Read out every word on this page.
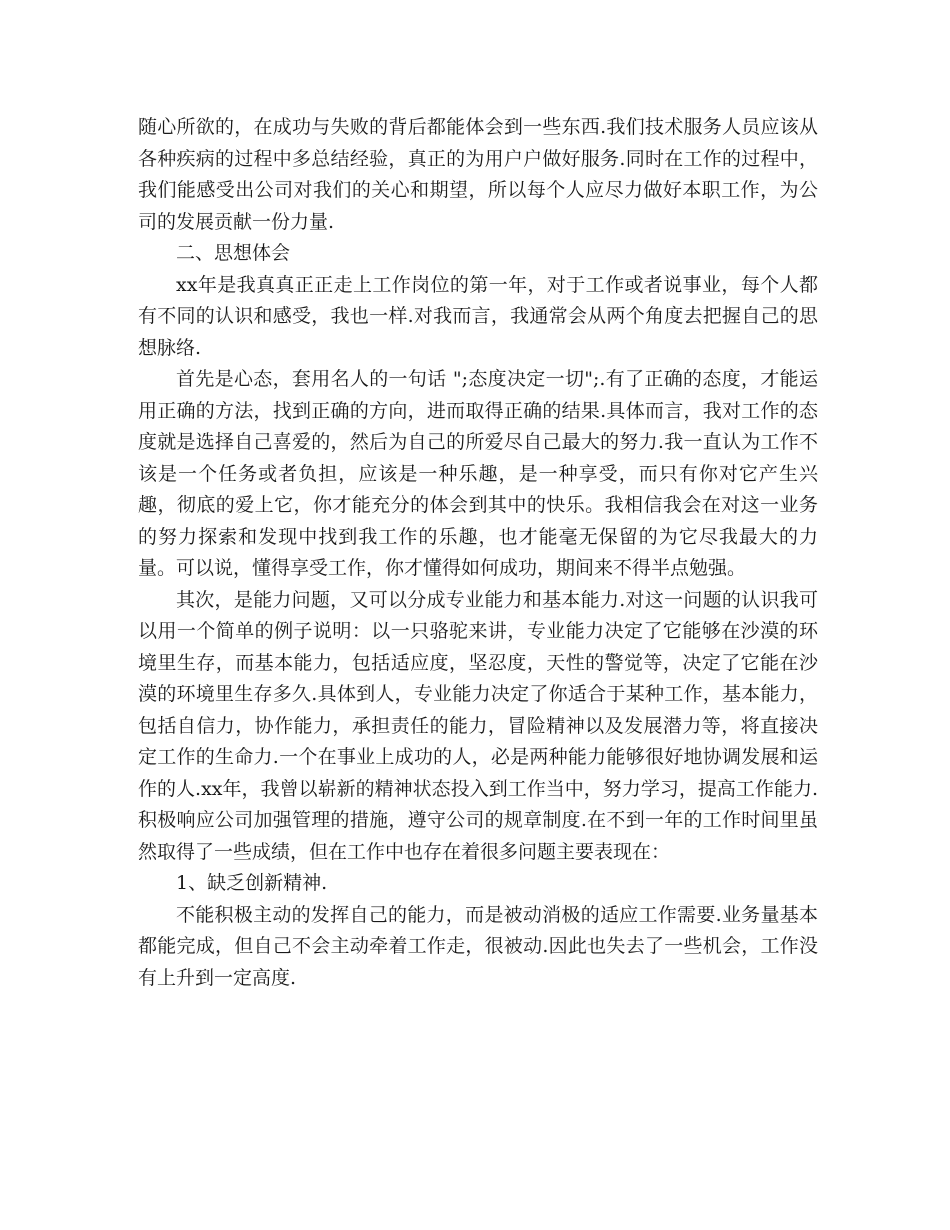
随心所欲的，在成功与失败的背后都能体会到一些东西.我们技术服务人员应该从各种疾病的过程中多总结经验，真正的为用户户做好服务.同时在工作的过程中，我们能感受出公司对我们的关心和期望，所以每个人应尽力做好本职工作，为公司的发展贡献一份力量.

二、思想体会

xx年是我真真正正走上工作岗位的第一年，对于工作或者说事业，每个人都有不同的认识和感受，我也一样.对我而言，我通常会从两个角度去把握自己的思想脉络.

首先是心态，套用名人的一句话 ";态度决定一切";.有了正确的态度，才能运用正确的方法，找到正确的方向，进而取得正确的结果.具体而言，我对工作的态度就是选择自己喜爱的，然后为自己的所爱尽自己最大的努力.我一直认为工作不该是一个任务或者负担，应该是一种乐趣，是一种享受，而只有你对它产生兴趣，彻底的爱上它，你才能充分的体会到其中的快乐。我相信我会在对这一业务的努力探索和发现中找到我工作的乐趣，也才能毫无保留的为它尽我最大的力量。可以说，懂得享受工作，你才懂得如何成功，期间来不得半点勉强。

其次，是能力问题，又可以分成专业能力和基本能力.对这一问题的认识我可以用一个简单的例子说明：以一只骆驼来讲，专业能力决定了它能够在沙漠的环境里生存，而基本能力，包括适应度，坚忍度，天性的警觉等，决定了它能在沙漠的环境里生存多久.具体到人，专业能力决定了你适合于某种工作，基本能力，包括自信力，协作能力，承担责任的能力，冒险精神以及发展潜力等，将直接决定工作的生命力.一个在事业上成功的人，必是两种能力能够很好地协调发展和运作的人.xx年，我曾以崭新的精神状态投入到工作当中，努力学习，提高工作能力.积极响应公司加强管理的措施，遵守公司的规章制度.在不到一年的工作时间里虽然取得了一些成绩，但在工作中也存在着很多问题主要表现在：

1、缺乏创新精神.

不能积极主动的发挥自己的能力，而是被动消极的适应工作需要.业务量基本都能完成，但自己不会主动牵着工作走，很被动.因此也失去了一些机会，工作没有上升到一定高度.
